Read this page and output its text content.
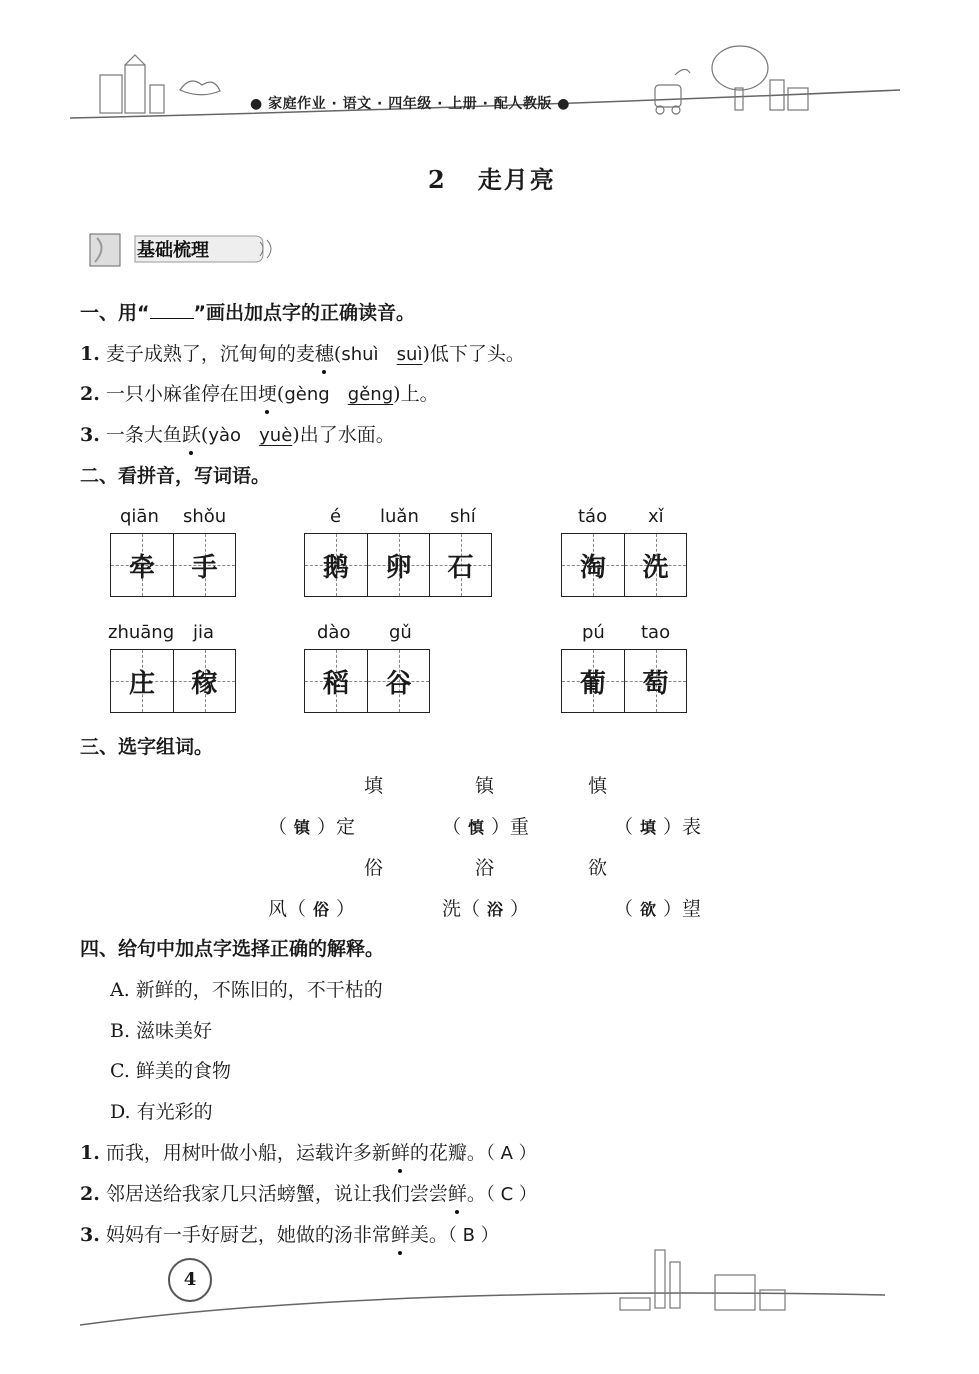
● 家庭作业 · 语文 · 四年级 · 上册 · 配人教版 ●
2 走月亮
基础梳理
一、用“ ”画出加点字的正确读音。
1. 麦子成熟了，沉甸甸的麦穗(shuì suì)低下了头。
2. 一只小麻雀停在田埂(gèng gěng)上。
3. 一条大鱼跃(yào yuè)出了水面。
二、看拼音，写词语。
qiān shǒu	é luǎn shí	táo xǐ
牵 手	鹅 卵 石	淘 洗
zhuāng jia	dào gǔ	pú tao
庄 稼	稻 谷	葡 萄
三、选字组词。
填	镇	慎
（ 镇 ）定	（ 慎 ）重	（ 填 ）表
俗	浴	欲
风（ 俗 ）	洗（ 浴 ）	（ 欲 ）望
四、给句中加点字选择正确的解释。
A. 新鲜的，不陈旧的，不干枯的
B. 滋味美好
C. 鲜美的食物
D. 有光彩的
1. 而我，用树叶做小船，运载许多新鲜的花瓣。（ A ）
2. 邻居送给我家几只活螃蟹，说让我们尝尝鲜。（ C ）
3. 妈妈有一手好厨艺，她做的汤非常鲜美。（ B ）
4
